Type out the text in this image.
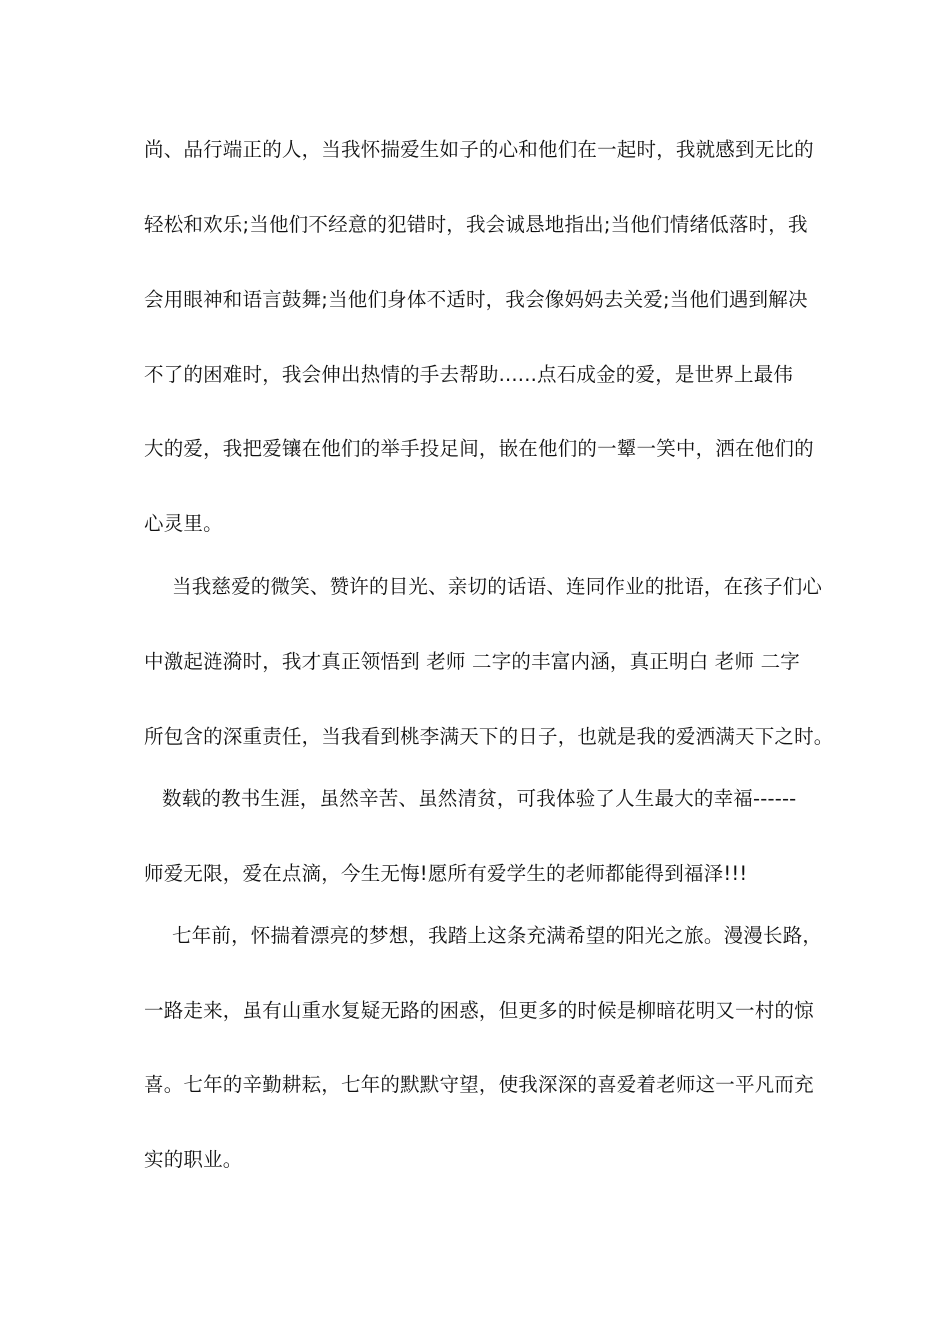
尚、品行端正的人，当我怀揣爱生如子的心和他们在一起时，我就感到无比的
轻松和欢乐;当他们不经意的犯错时，我会诚恳地指出;当他们情绪低落时，我
会用眼神和语言鼓舞;当他们身体不适时，我会像妈妈去关爱;当他们遇到解决
不了的困难时，我会伸出热情的手去帮助......点石成金的爱，是世界上最伟
大的爱，我把爱镶在他们的举手投足间，嵌在他们的一颦一笑中，洒在他们的
心灵里。
当我慈爱的微笑、赞许的目光、亲切的话语、连同作业的批语，在孩子们心
中激起涟漪时，我才真正领悟到 老师 二字的丰富内涵，真正明白 老师 二字
所包含的深重责任，当我看到桃李满天下的日子，也就是我的爱洒满天下之时。
数载的教书生涯，虽然辛苦、虽然清贫，可我体验了人生最大的幸福------
师爱无限，爱在点滴，今生无悔!愿所有爱学生的老师都能得到福泽!!!
七年前，怀揣着漂亮的梦想，我踏上这条充满希望的阳光之旅。漫漫长路，
一路走来，虽有山重水复疑无路的困惑，但更多的时候是柳暗花明又一村的惊
喜。七年的辛勤耕耘，七年的默默守望，使我深深的喜爱着老师这一平凡而充
实的职业。
